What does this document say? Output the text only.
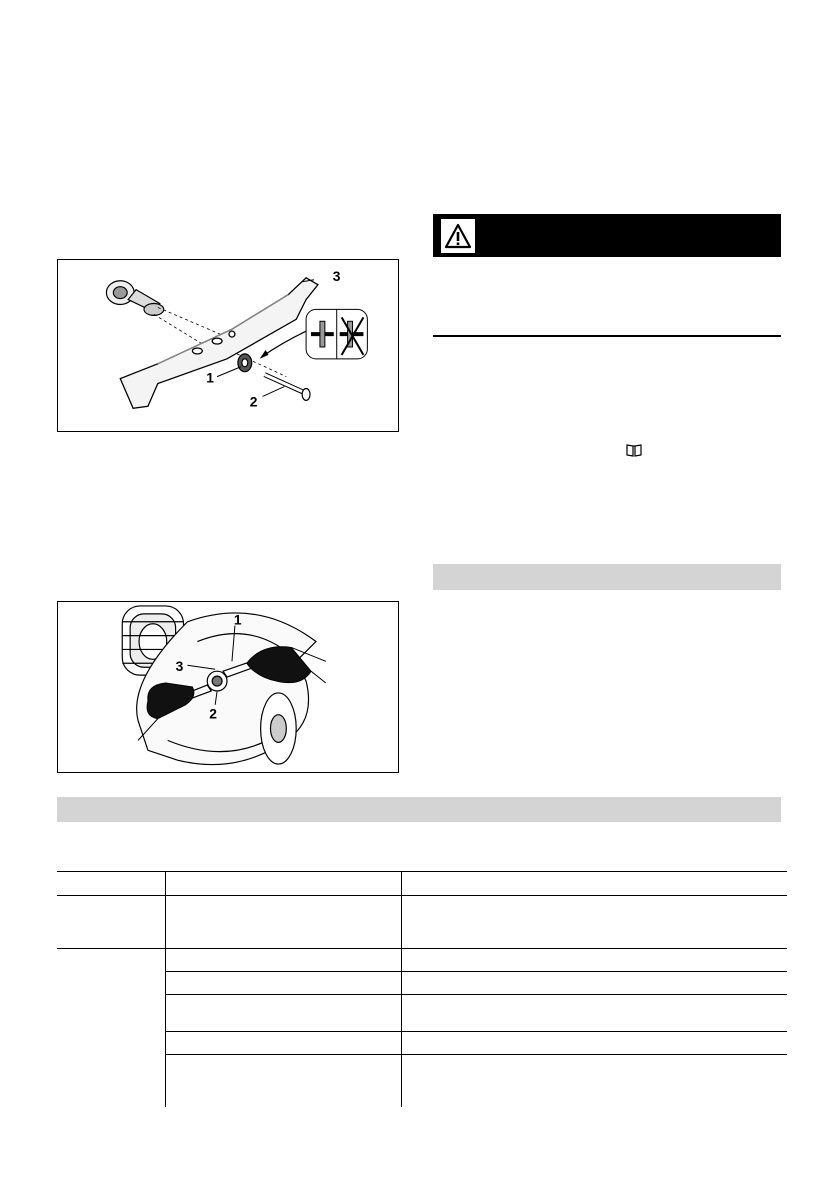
3
1
2
1
3
2
